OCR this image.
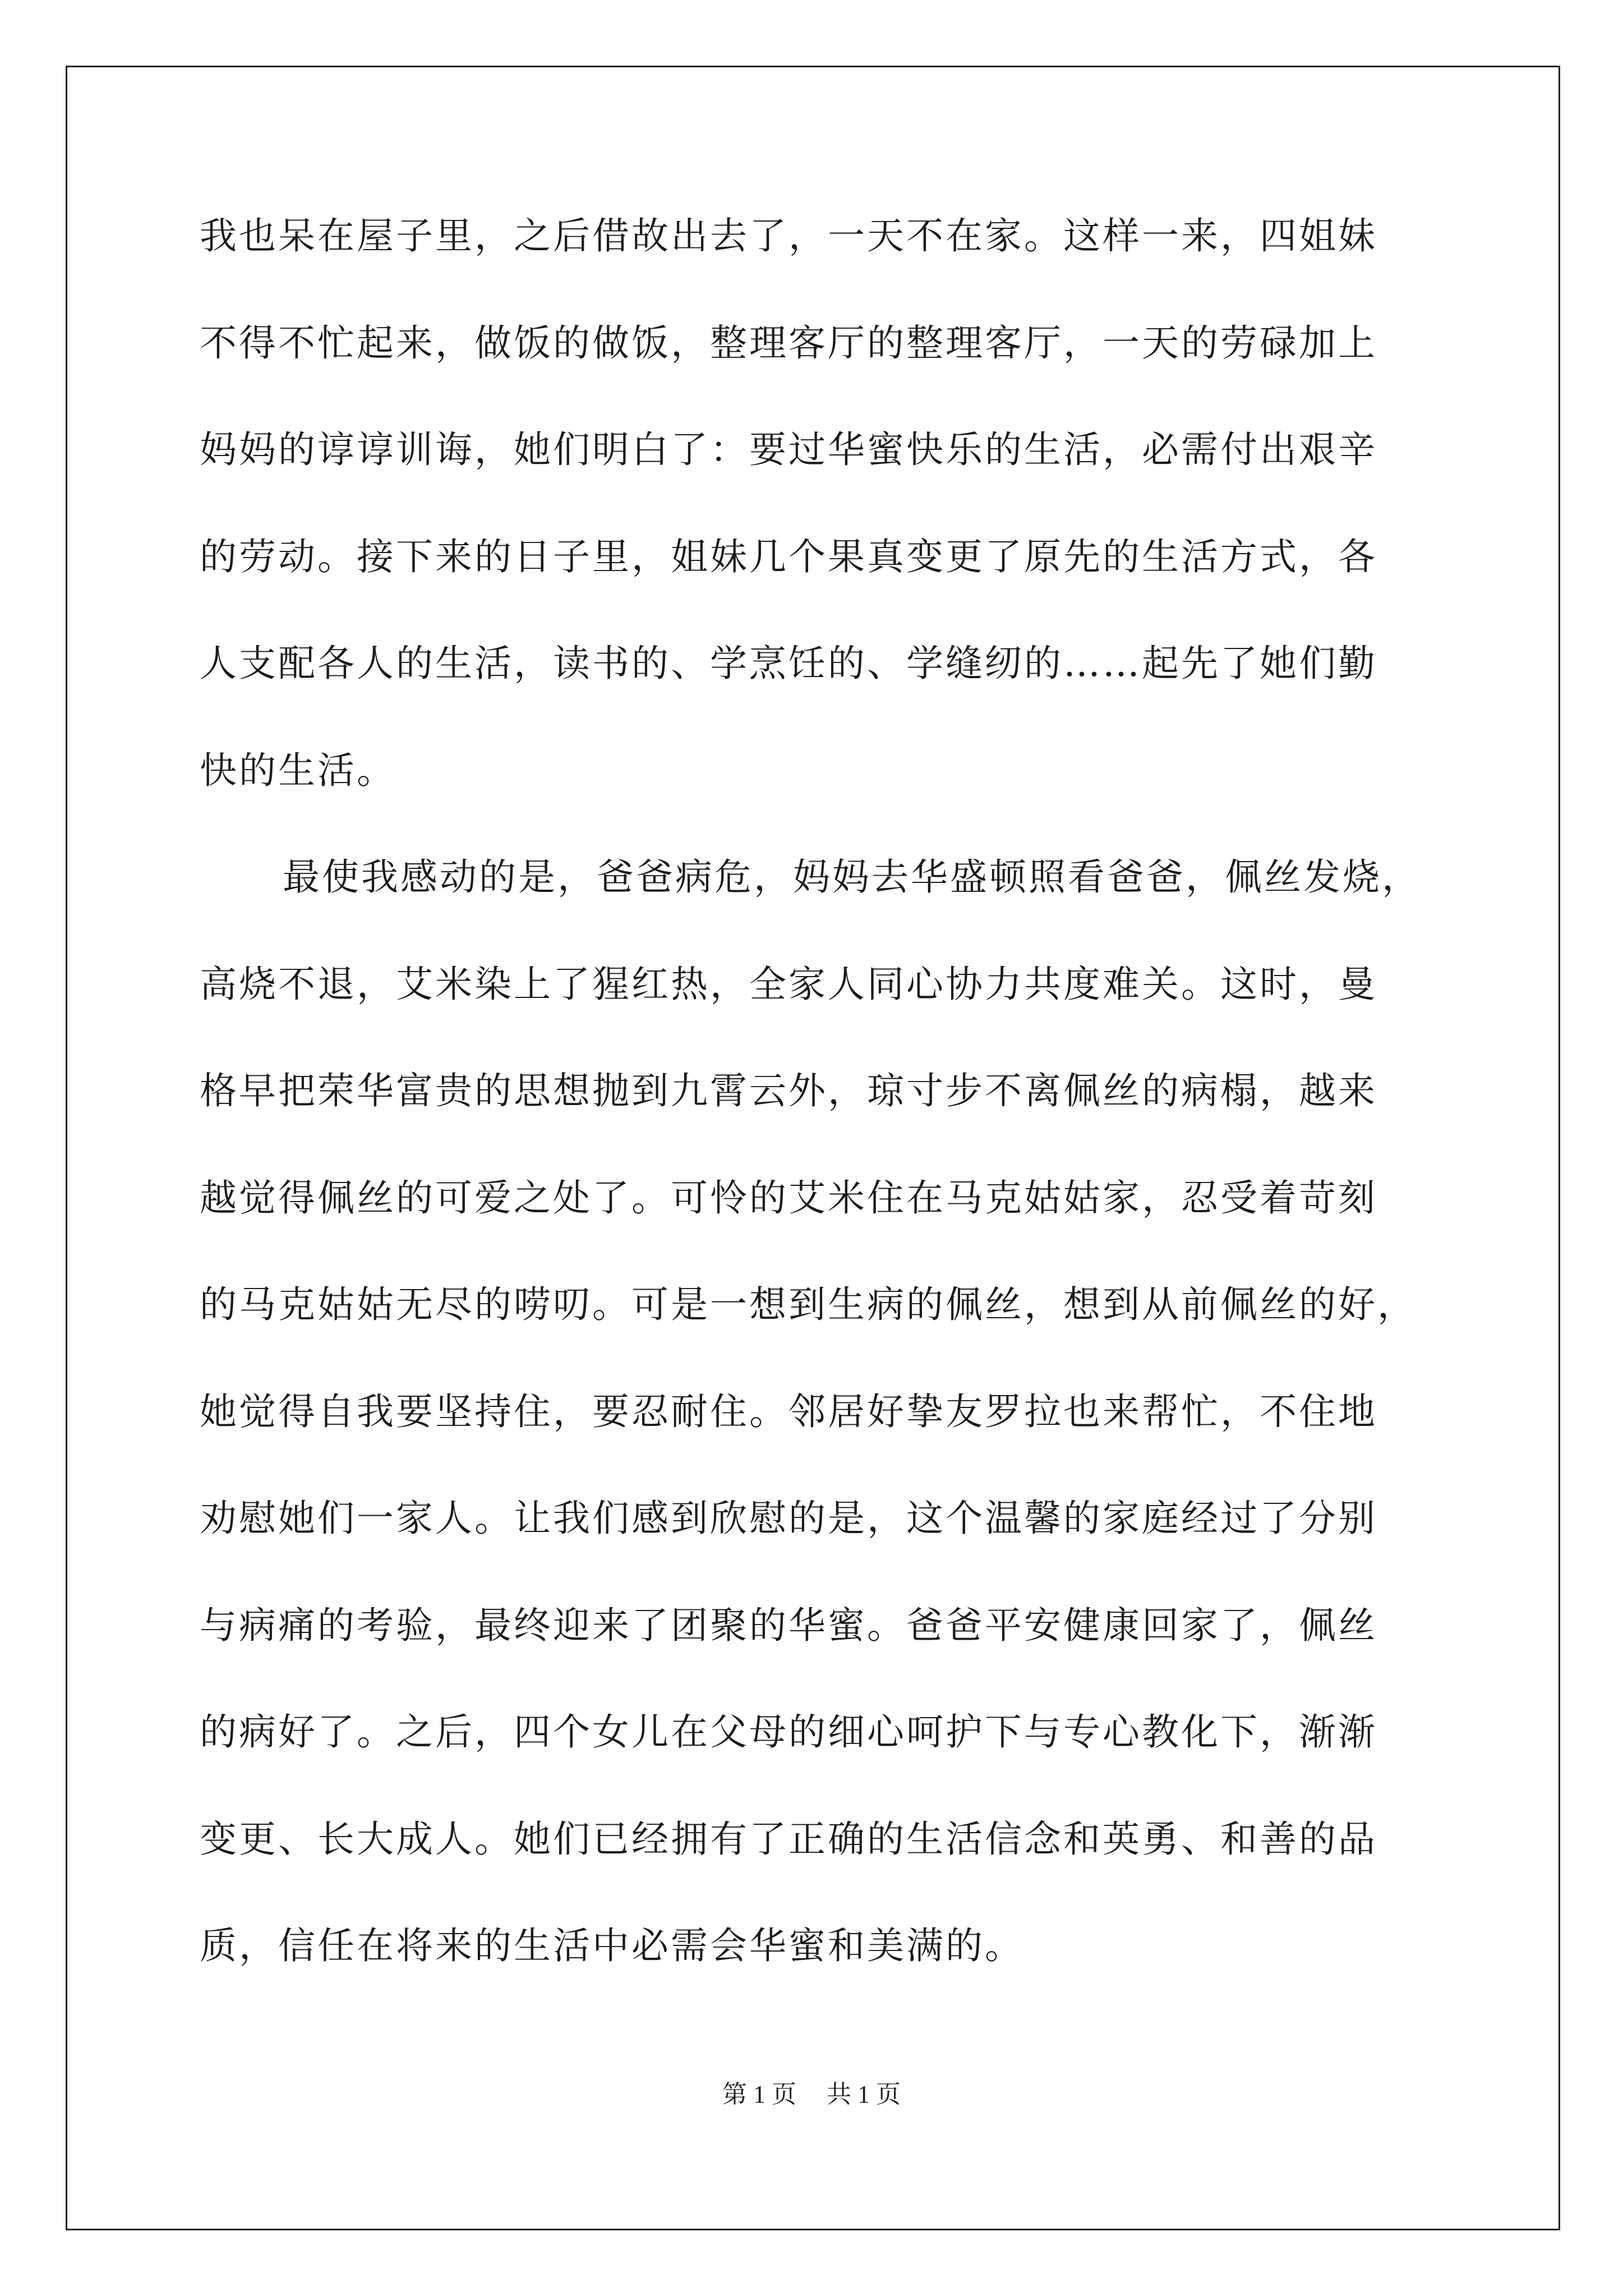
我也呆在屋子里，之后借故出去了，一天不在家。这样一来，四姐妹
不得不忙起来，做饭的做饭，整理客厅的整理客厅，一天的劳碌加上
妈妈的谆谆训诲，她们明白了：要过华蜜快乐的生活，必需付出艰辛
的劳动。接下来的日子里，姐妹几个果真变更了原先的生活方式，各
人支配各人的生活，读书的、学烹饪的、学缝纫的……起先了她们勤
快的生活。
最使我感动的是，爸爸病危，妈妈去华盛顿照看爸爸，佩丝发烧，
高烧不退，艾米染上了猩红热，全家人同心协力共度难关。这时，曼
格早把荣华富贵的思想抛到九霄云外，琼寸步不离佩丝的病榻，越来
越觉得佩丝的可爱之处了。可怜的艾米住在马克姑姑家，忍受着苛刻
的马克姑姑无尽的唠叨。可是一想到生病的佩丝，想到从前佩丝的好，
她觉得自我要坚持住，要忍耐住。邻居好挚友罗拉也来帮忙，不住地
劝慰她们一家人。让我们感到欣慰的是，这个温馨的家庭经过了分别
与病痛的考验，最终迎来了团聚的华蜜。爸爸平安健康回家了，佩丝
的病好了。之后，四个女儿在父母的细心呵护下与专心教化下，渐渐
变更、长大成人。她们已经拥有了正确的生活信念和英勇、和善的品
质，信任在将来的生活中必需会华蜜和美满的。
第 1 页 共 1 页
